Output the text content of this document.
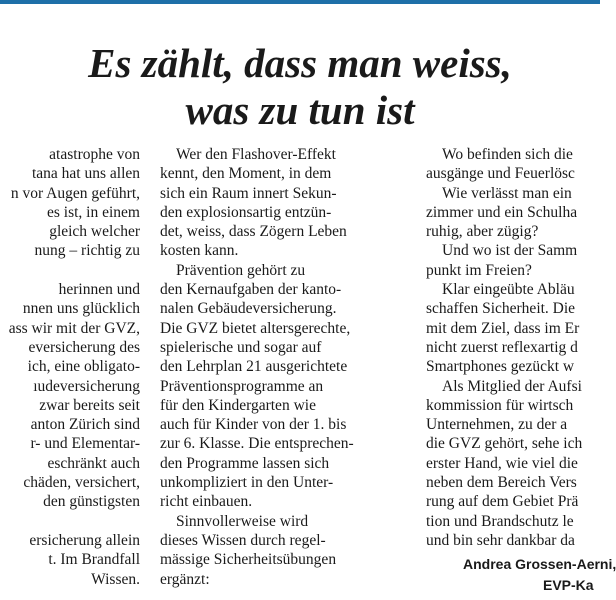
Es zählt, dass man weiss,
was zu tun ist
atastrophe von
tana hat uns allen
n vor Augen geführt,
es ist, in einem
gleich welcher
nung – richtig zu
herinnen und
nnen uns glücklich
ass wir mit der GVZ,
eversicherung des
ich, eine obligato-
ıudeversicherung
zwar bereits seit
anton Zürich sind
r- und Elementar-
eschränkt auch
chäden, versichert,
den günstigsten
ersicherung allein
t. Im Brandfall
Wissen.
Wer den Flashover-Effekt
kennt, den Moment, in dem
sich ein Raum innert Sekun-
den explosionsartig entzün-
det, weiss, dass Zögern Leben
kosten kann.
Prävention gehört zu
den Kernaufgaben der kanto-
nalen Gebäudeversicherung.
Die GVZ bietet altersgerechte,
spielerische und sogar auf
den Lehrplan 21 ausgerichtete
Präventionsprogramme an
für den Kindergarten wie
auch für Kinder von der 1. bis
zur 6. Klasse. Die entsprechen-
den Programme lassen sich
unkompliziert in den Unter-
richt einbauen.
Sinnvollerweise wird
dieses Wissen durch regel-
mässige Sicherheitsübungen
ergänzt:
Wo befinden sich die
ausgänge und Feuerlösc
Wie verlässt man ein
zimmer und ein Schulha
ruhig, aber zügig?
Und wo ist der Samm
punkt im Freien?
Klar eingeübte Abläu
schaffen Sicherheit. Die
mit dem Ziel, dass im Er
nicht zuerst reflexartig d
Smartphones gezückt w
Als Mitglied der Aufsi
kommission für wirtsch
Unternehmen, zu der a
die GVZ gehört, sehe ich
erster Hand, wie viel die
neben dem Bereich Vers
rung auf dem Gebiet Prä
tion und Brandschutz le
und bin sehr dankbar da
Andrea Grossen-Aerni,
EVP-Ka
